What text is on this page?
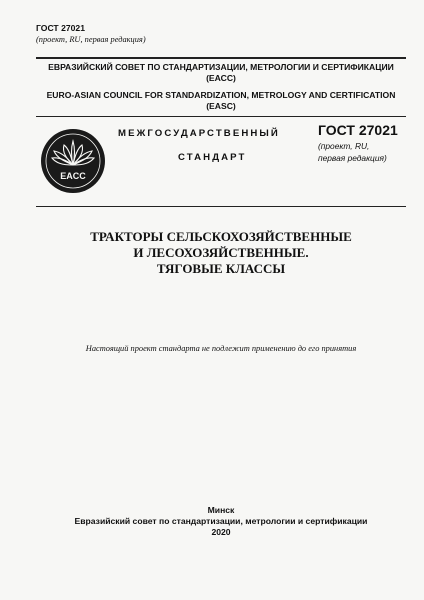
ГОСТ 27021
(проект, RU, первая редакция)
ЕВРАЗИЙСКИЙ СОВЕТ ПО СТАНДАРТИЗАЦИИ, МЕТРОЛОГИИ И СЕРТИФИКАЦИИ
(ЕАСС)
EURO-ASIAN COUNCIL FOR STANDARDIZATION, METROLOGY AND CERTIFICATION
(EASC)
EACC
МЕЖГОСУДАРСТВЕННЫЙ
СТАНДАРТ
ГОСТ 27021
(проект, RU,
первая редакция)
ТРАКТОРЫ СЕЛЬСКОХОЗЯЙСТВЕННЫЕ
И ЛЕСОХОЗЯЙСТВЕННЫЕ.
ТЯГОВЫЕ КЛАССЫ
Настоящий проект стандарта не подлежит применению до его принятия
Минск
Евразийский совет по стандартизации, метрологии и сертификации
2020
